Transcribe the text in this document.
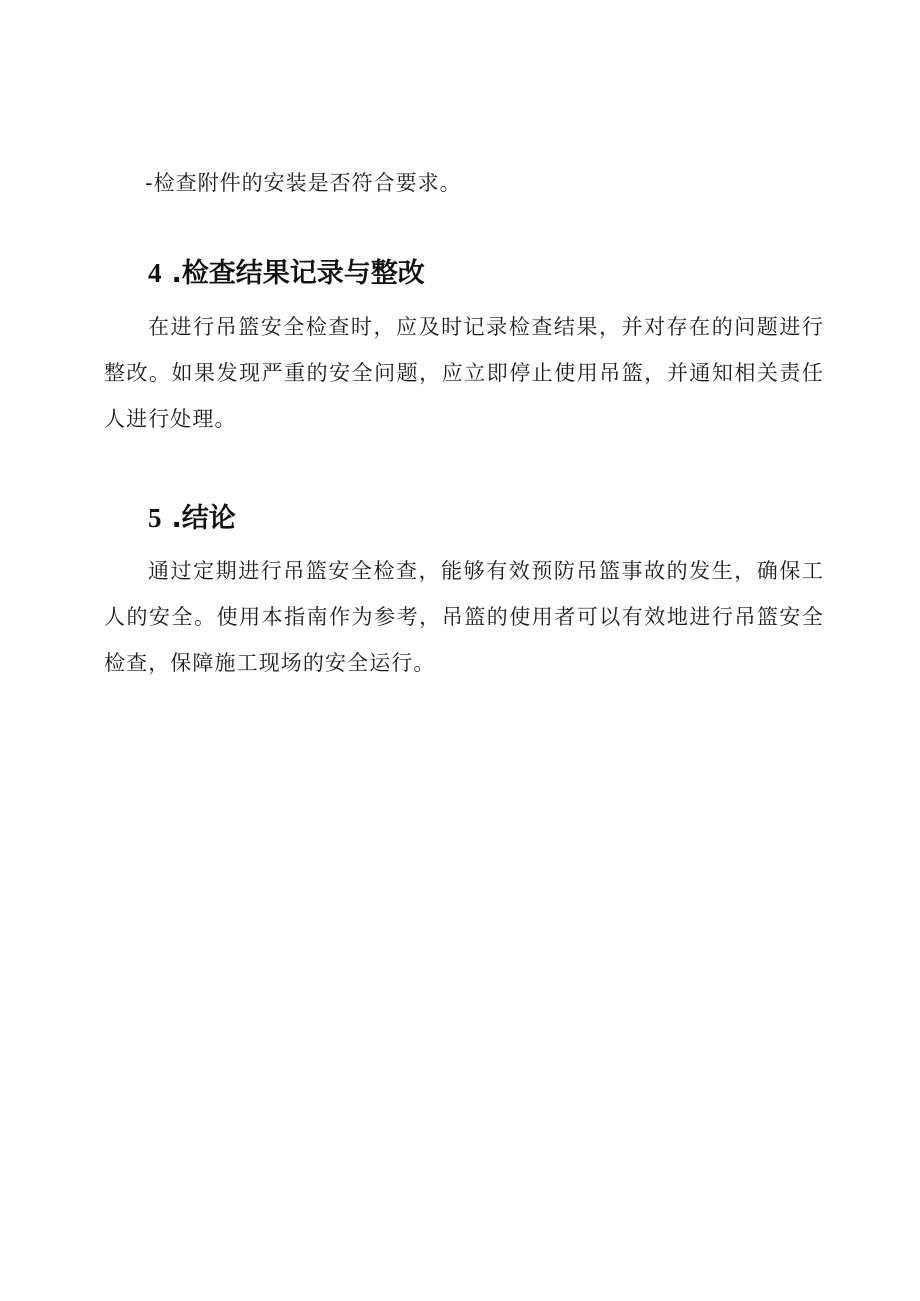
-检查附件的安装是否符合要求。
4 .检查结果记录与整改
在进行吊篮安全检查时，应及时记录检查结果，并对存在的问题进行整改。如果发现严重的安全问题，应立即停止使用吊篮，并通知相关责任人进行处理。
5 .结论
通过定期进行吊篮安全检查，能够有效预防吊篮事故的发生，确保工人的安全。使用本指南作为参考，吊篮的使用者可以有效地进行吊篮安全检查，保障施工现场的安全运行。
